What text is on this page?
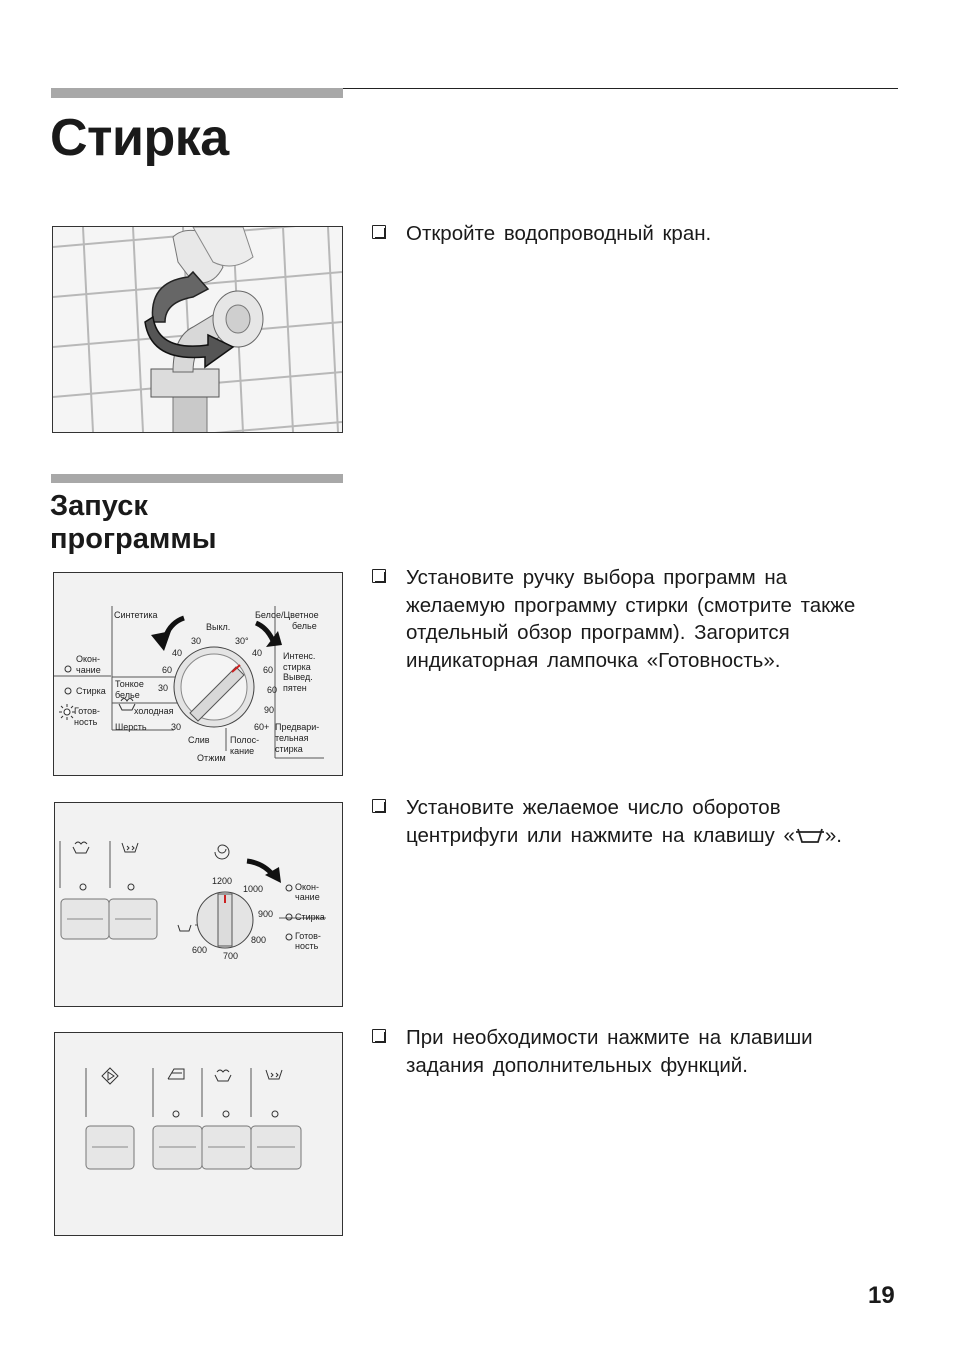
Стирка
Откройте водопроводный кран.
Запуск
программы
Синтетика
Выкл.
Белое/Цветное
белье
Окон-
чание
Стирка
Готов-
ность
Тонкое
белье
холодная
Шерсть
Слив
Отжим
Полос-
кание
Интенс.
стирка
Вывед.
пятен
Предвари-
тельная
стирка
30
40
60
30
30
30°
40
60
60
90
60+
Установите ручку выбора программ на желаемую программу стирки (смотрите также отдельный обзор программ). Загорится индикаторная лампочка «Готовность».
1200
1000
900
800
700
600
Окон-
чание
Стирка
Готов-
ность
Установите желаемое число оборотов центрифуги или нажмите на клавишу « ».
При необходимости нажмите на клавиши задания дополнительных функций.
19
